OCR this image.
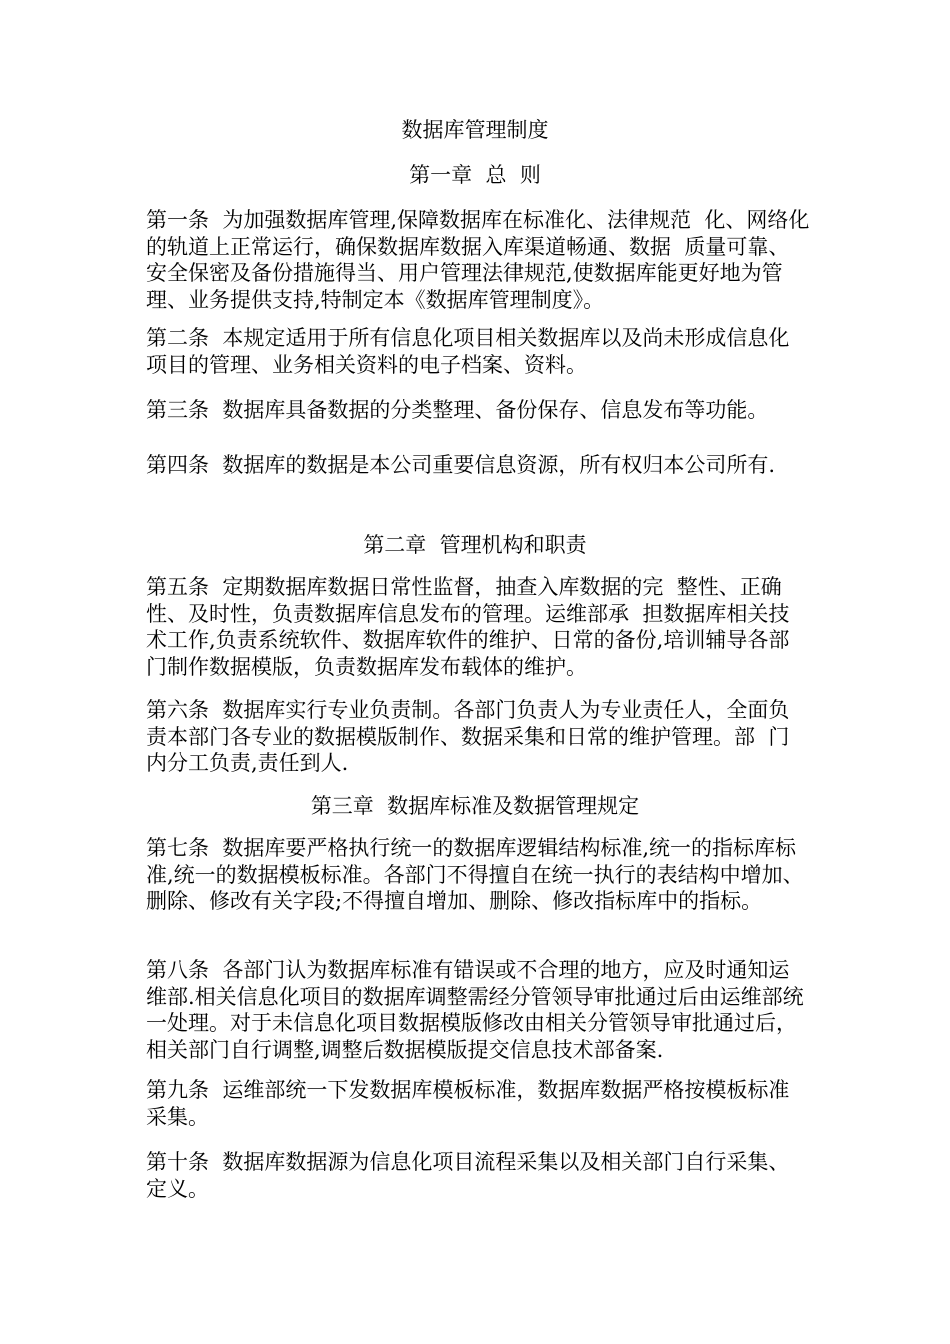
数据库管理制度
第一章  总  则
第一条  为加强数据库管理,保障数据库在标准化、法律规范  化、网络化的轨道上正常运行，确保数据库数据入库渠道畅通、数据  质量可靠、安全保密及备份措施得当、用户管理法律规范,使数据库能更好地为管理、业务提供支持,特制定本《数据库管理制度》。
第二条  本规定适用于所有信息化项目相关数据库以及尚未形成信息化项目的管理、业务相关资料的电子档案、资料。
第三条  数据库具备数据的分类整理、备份保存、信息发布等功能。
第四条  数据库的数据是本公司重要信息资源，所有权归本公司所有.
第二章  管理机构和职责
第五条  定期数据库数据日常性监督，抽查入库数据的完  整性、正确性、及时性，负责数据库信息发布的管理。运维部承  担数据库相关技术工作,负责系统软件、数据库软件的维护、日常的备份,培训辅导各部门制作数据模版，负责数据库发布载体的维护。
第六条  数据库实行专业负责制。各部门负责人为专业责任人，全面负责本部门各专业的数据模版制作、数据采集和日常的维护管理。部  门内分工负责,责任到人.
第三章  数据库标准及数据管理规定
第七条  数据库要严格执行统一的数据库逻辑结构标准,统一的指标库标准,统一的数据模板标准。各部门不得擅自在统一执行的表结构中增加、删除、修改有关字段;不得擅自增加、删除、修改指标库中的指标。
第八条  各部门认为数据库标准有错误或不合理的地方，应及时通知运维部.相关信息化项目的数据库调整需经分管领导审批通过后由运维部统一处理。对于未信息化项目数据模版修改由相关分管领导审批通过后，相关部门自行调整,调整后数据模版提交信息技术部备案.
第九条  运维部统一下发数据库模板标准，数据库数据严格按模板标准采集。
第十条  数据库数据源为信息化项目流程采集以及相关部门自行采集、定义。
